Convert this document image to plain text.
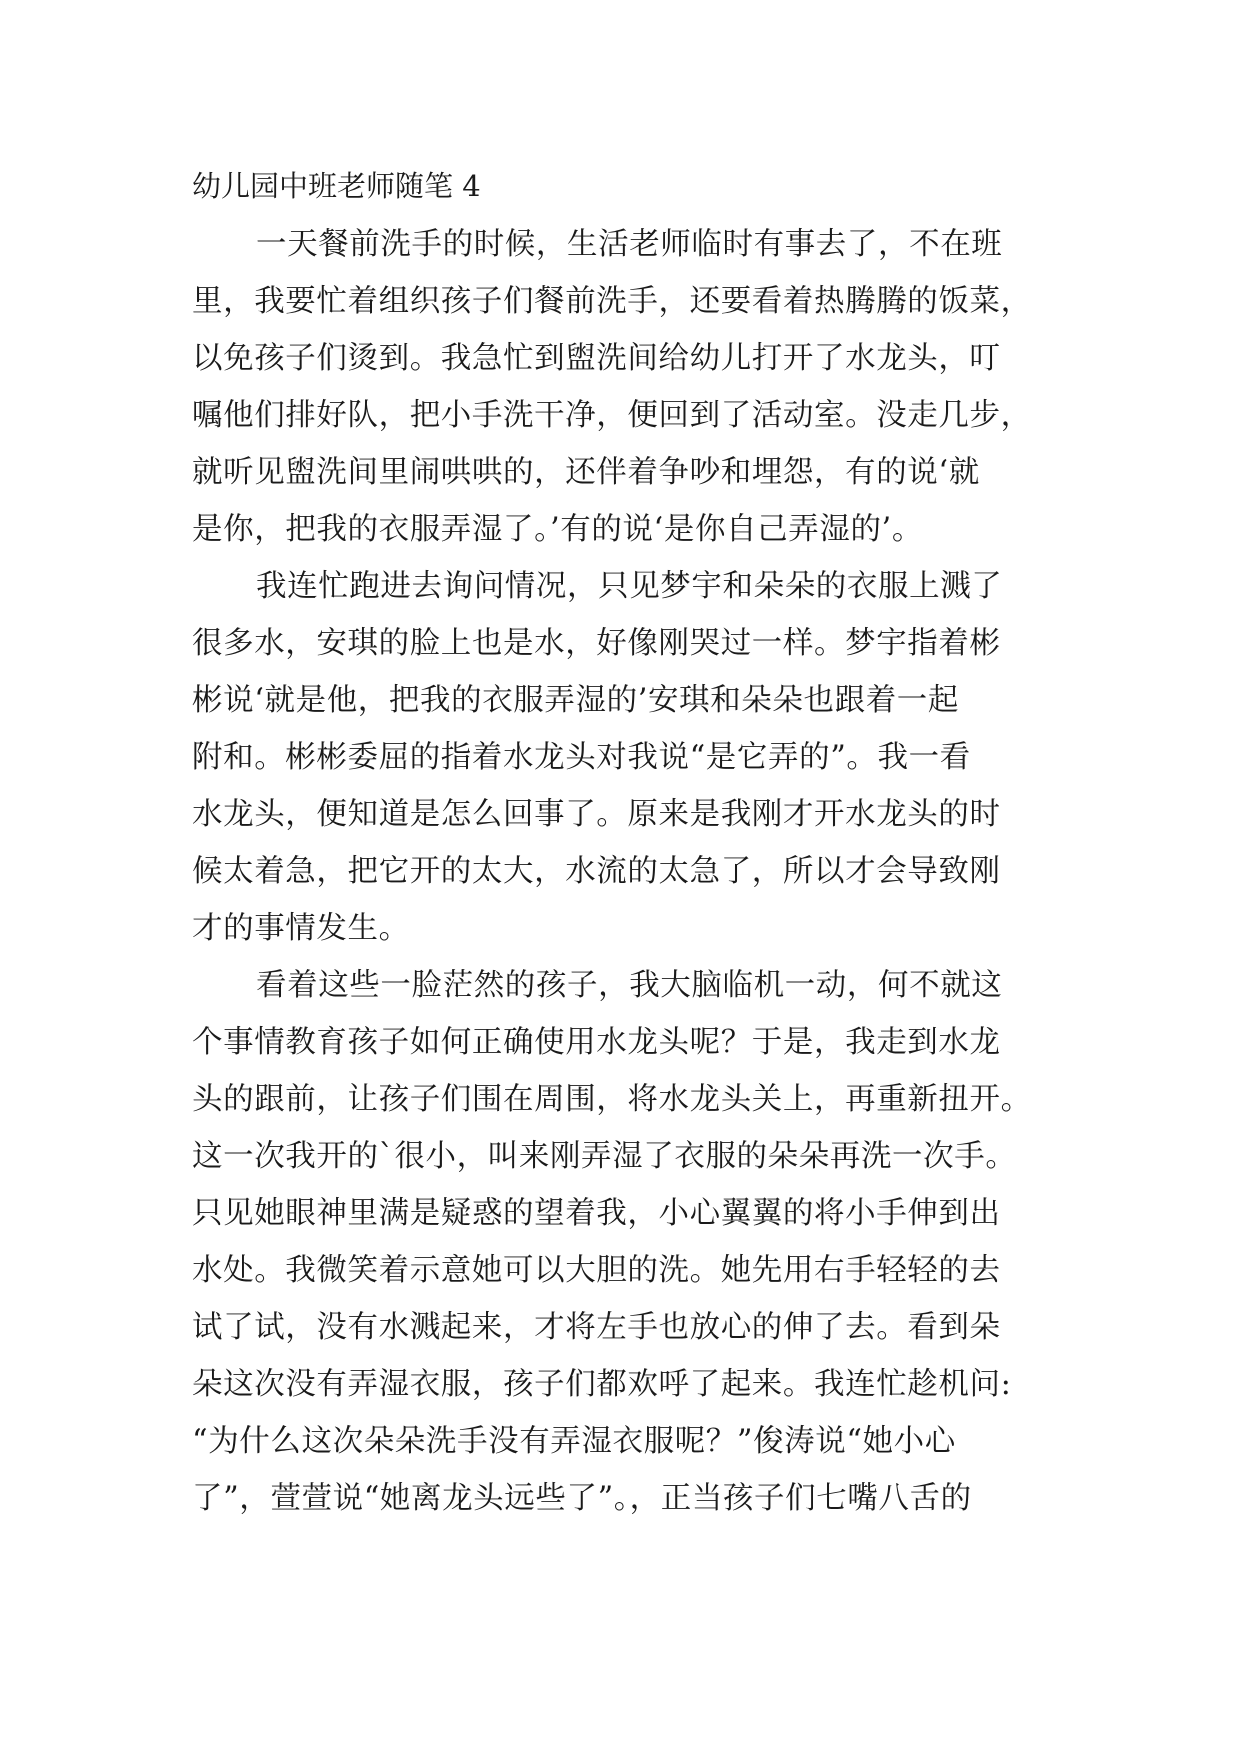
幼儿园中班老师随笔 4
一天餐前洗手的时候，生活老师临时有事去了，不在班
里，我要忙着组织孩子们餐前洗手，还要看着热腾腾的饭菜，
以免孩子们烫到。我急忙到盥洗间给幼儿打开了水龙头，叮
嘱他们排好队，把小手洗干净，便回到了活动室。没走几步，
就听见盥洗间里闹哄哄的，还伴着争吵和埋怨，有的说‘就
是你，把我的衣服弄湿了。’有的说‘是你自己弄湿的’。
我连忙跑进去询问情况，只见梦宇和朵朵的衣服上溅了
很多水，安琪的脸上也是水，好像刚哭过一样。梦宇指着彬
彬说‘就是他，把我的衣服弄湿的’安琪和朵朵也跟着一起
附和。彬彬委屈的指着水龙头对我说“是它弄的”。我一看
水龙头，便知道是怎么回事了。原来是我刚才开水龙头的时
候太着急，把它开的太大，水流的太急了，所以才会导致刚
才的事情发生。
看着这些一脸茫然的孩子，我大脑临机一动，何不就这
个事情教育孩子如何正确使用水龙头呢？于是，我走到水龙
头的跟前，让孩子们围在周围，将水龙头关上，再重新扭开。
这一次我开的`很小，叫来刚弄湿了衣服的朵朵再洗一次手。
只见她眼神里满是疑惑的望着我，小心翼翼的将小手伸到出
水处。我微笑着示意她可以大胆的洗。她先用右手轻轻的去
试了试，没有水溅起来，才将左手也放心的伸了去。看到朵
朵这次没有弄湿衣服，孩子们都欢呼了起来。我连忙趁机问:
“为什么这次朵朵洗手没有弄湿衣服呢？”俊涛说“她小心
了”，萱萱说“她离龙头远些了”。，正当孩子们七嘴八舌的
